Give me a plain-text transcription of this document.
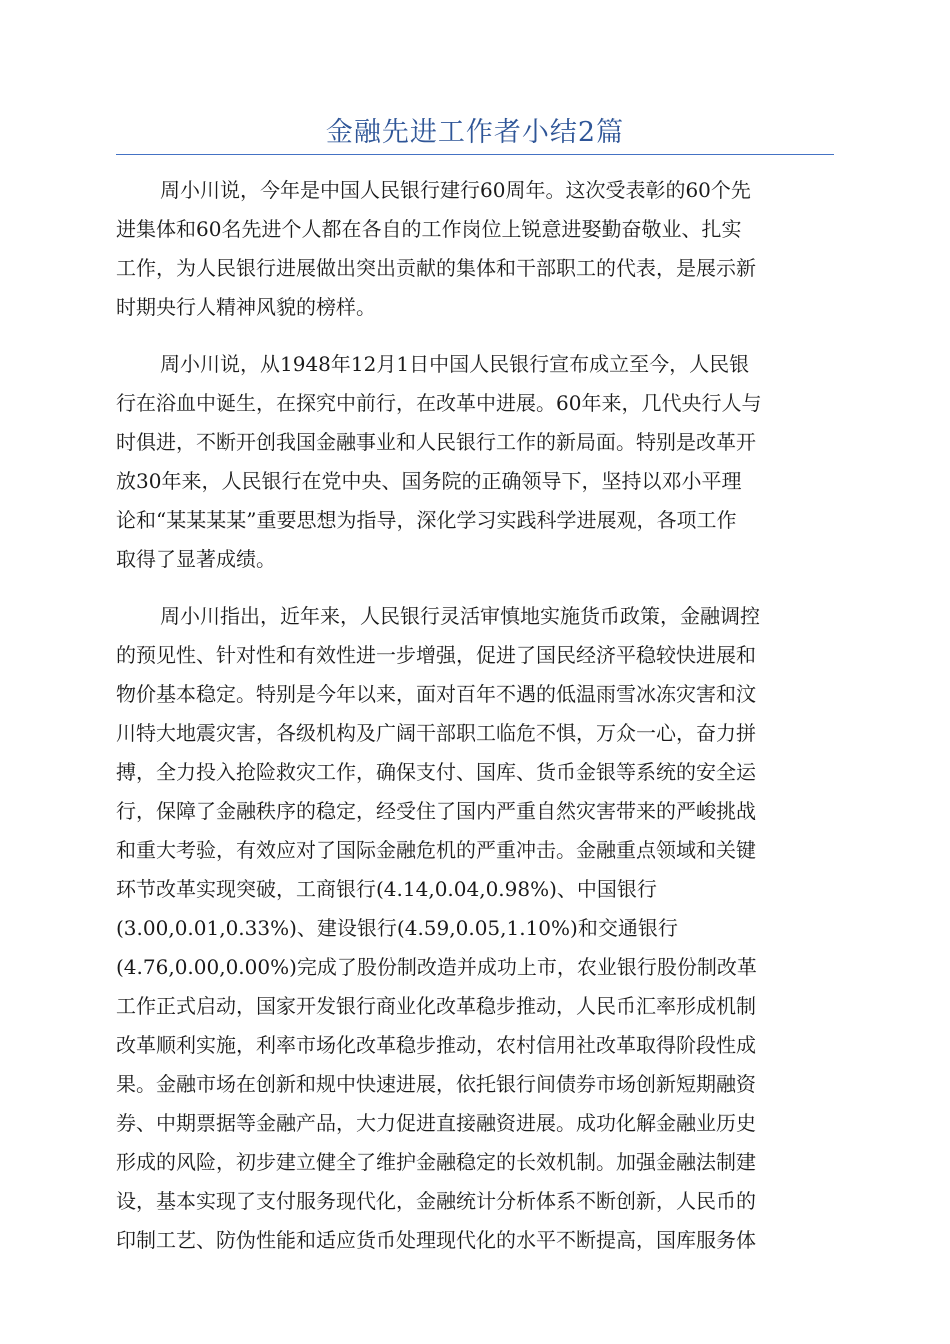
金融先进工作者小结2篇

周小川说，今年是中国人民银行建行60周年。这次受表彰的60个先
进集体和60名先进个人都在各自的工作岗位上锐意进娶勤奋敬业、扎实
工作，为人民银行进展做出突出贡献的集体和干部职工的代表，是展示新
时期央行人精神风貌的榜样。

周小川说，从1948年12月1日中国人民银行宣布成立至今，人民银
行在浴血中诞生，在探究中前行，在改革中进展。60年来，几代央行人与
时俱进，不断开创我国金融事业和人民银行工作的新局面。特别是改革开
放30年来，人民银行在党中央、国务院的正确领导下，坚持以邓小平理
论和“某某某某”重要思想为指导，深化学习实践科学进展观，各项工作
取得了显著成绩。

周小川指出，近年来，人民银行灵活审慎地实施货币政策，金融调控
的预见性、针对性和有效性进一步增强，促进了国民经济平稳较快进展和
物价基本稳定。特别是今年以来，面对百年不遇的低温雨雪冰冻灾害和汶
川特大地震灾害，各级机构及广阔干部职工临危不惧，万众一心，奋力拼
搏，全力投入抢险救灾工作，确保支付、国库、货币金银等系统的安全运
行，保障了金融秩序的稳定，经受住了国内严重自然灾害带来的严峻挑战
和重大考验，有效应对了国际金融危机的严重冲击。金融重点领域和关键
环节改革实现突破，工商银行(4.14,0.04,0.98%)、中国银行
(3.00,0.01,0.33%)、建设银行(4.59,0.05,1.10%)和交通银行
(4.76,0.00,0.00%)完成了股份制改造并成功上市，农业银行股份制改革
工作正式启动，国家开发银行商业化改革稳步推动，人民币汇率形成机制
改革顺利实施，利率市场化改革稳步推动，农村信用社改革取得阶段性成
果。金融市场在创新和规中快速进展，依托银行间债券市场创新短期融资
券、中期票据等金融产品，大力促进直接融资进展。成功化解金融业历史
形成的风险，初步建立健全了维护金融稳定的长效机制。加强金融法制建
设，基本实现了支付服务现代化，金融统计分析体系不断创新，人民币的
印制工艺、防伪性能和适应货币处理现代化的水平不断提高，国库服务体
